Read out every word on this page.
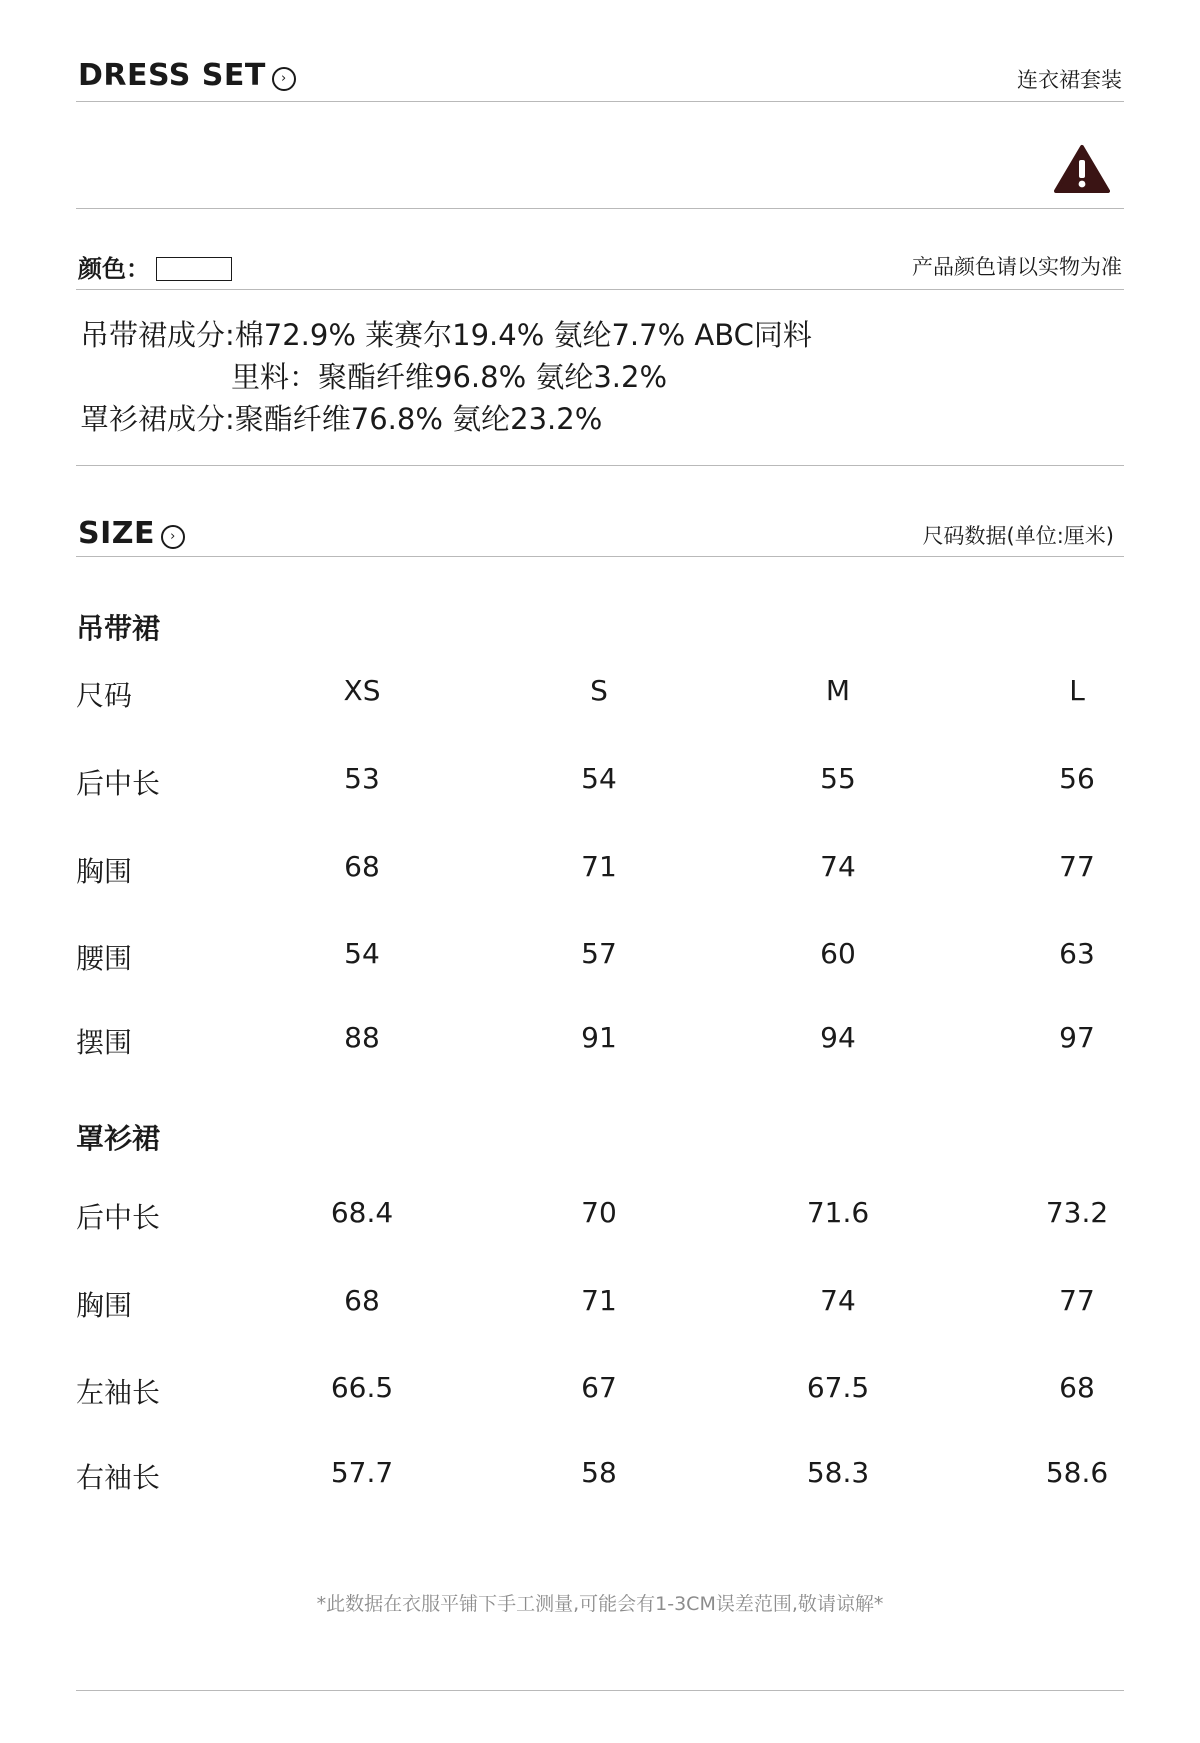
DRESS SET ›	连衣裙套装
颜色：	产品颜色请以实物为准
吊带裙成分:棉72.9% 莱赛尔19.4% 氨纶7.7% ABC同料
里料：聚酯纤维96.8% 氨纶3.2%
罩衫裙成分:聚酯纤维76.8% 氨纶23.2%
SIZE ›	尺码数据(单位:厘米)
吊带裙
尺码	XS	S	M	L
后中长	53	54	55	56
胸围	68	71	74	77
腰围	54	57	60	63
摆围	88	91	94	97
罩衫裙
后中长	68.4	70	71.6	73.2
胸围	68	71	74	77
左袖长	66.5	67	67.5	68
右袖长	57.7	58	58.3	58.6
*此数据在衣服平铺下手工测量,可能会有1-3CM误差范围,敬请谅解*
